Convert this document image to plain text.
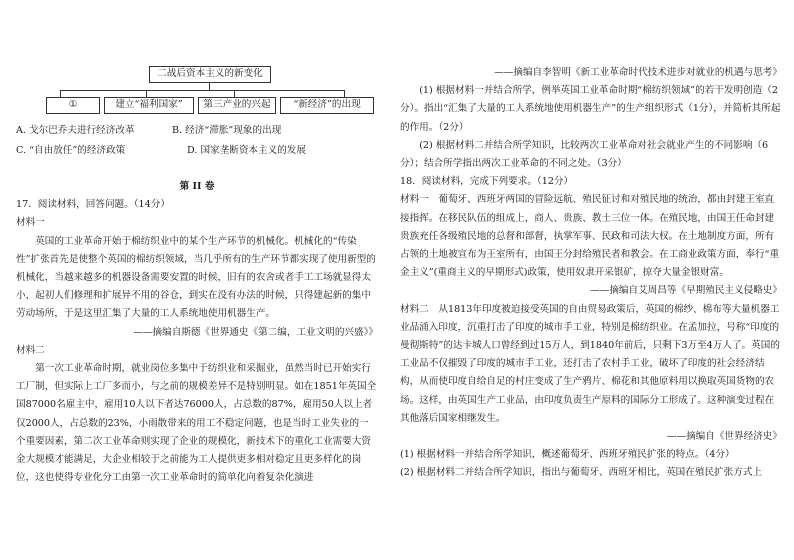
二战后资本主义的新变化
①	建立“福利国家”	第三产业的兴起	“新经济”的出现
A. 戈尔巴乔夫进行经济改革	B. 经济“滞胀”现象的出现
C. “自由放任”的经济政策	D. 国家垄断资本主义的发展

第 II 卷

17．阅读材料，回答问题。（14分）

材料一

英国的工业革命开始于棉纺织业中的某个生产环节的机械化。机械化的“传染性”扩张首先是使整个英国的棉纺织领域，当几乎所有的生产环节都实现了使用新型的机械化，当越来越多的机器设备需要安置的时候，旧有的农舍或者手工工场就显得太小，起初人们修理和扩展异不用的谷仓，到实在没有办法的时候，只得建起新的集中劳动场所，于是这里汇集了大量的工人系统地使用机器生产。

——摘编自斯德《世界通史《第二编，工业文明的兴盛》》

材料二

第一次工业革命时期，就业岗位多集中于纺织业和采掘业，虽然当时已开始实行工厂制，但实际上工厂多而小，与之前的规模差异不是特别明显。如在1851年英国全国87000名雇主中，雇用10人以下者达76000人，占总数的87%，雇用50人以上者仅2000人，占总数的23%，小雨散带来的用工不稳定问题，也是当时工业失业的一个重要因素，第二次工业革命则实现了企业的规模化，新技术下的重化工业需要大资金大规模才能满足，大企业相较于之前能为工人提供更多相对稳定且更多样化的岗位，这也使得专业化分工由第一次工业革命时的简单化向着复杂化演进

——摘编自李智明《新工业革命时代技术进步对就业的机遇与思考》

(1) 根据材料一并结合所学，例举英国工业革命时期“棉纺织领域”的若干发明创造（2分）。指出“汇集了大量的工人系统地使用机器生产”的生产组织形式（1分），并简析其所起的作用。（2分）

(2) 根据材料二并结合所学知识，比较两次工业革命对社会就业产生的不同影响（6分）；结合所学指出两次工业革命的不同之处。（3分）

18．阅读材料，完成下列要求。（12分）

材料一  葡萄牙、西班牙两国的冒险远航、殖民征讨和对殖民地的统治，都由封建王室直接指挥。在移民队伍的组成上，商人、贵族、教士三位一体。在殖民地，由国王任命封建贵族充任各级殖民地的总督和部督，执掌军事、民政和司法大权。在土地制度方面，所有占领的土地被宣布为王室所有，由国王分封给殖民者和教会。在工商业政策方面，奉行“重金主义”(重商主义的早期形式)政策，使用奴隶开采银矿，掠夺大量金银财富。

——摘编自艾周昌等《早期殖民主义侵略史》

材料二  从1813年印度被迫接受英国的自由贸易政策后，英国的棉纱、棉布等大量机器工业品涌入印度，沉重打击了印度的城市手工业，特别是棉纺织业。在孟加拉，号称“印度的曼彻斯特”的达卡城人口曾经到过15万人，到1840年前后，只剩下3万至4万人了。英国的工业品不仅摧毁了印度的城市手工业，还打击了农村手工业，破坏了印度的社会经济结构，从而使印度自给自足的村庄变成了生产鸦片、棉花和其他原料用以换取英国货物的农场。这样，由英国生产工业品，由印度负责生产原料的国际分工形成了。这种演变过程在其他落后国家相继发生。

——摘编自《世界经济史》

(1) 根据材料一并结合所学知识，概述葡萄牙、西班牙殖民扩张的特点。（4分）

(2) 根据材料二并结合所学知识，指出与葡萄牙、西班牙相比，英国在殖民扩张方式上
